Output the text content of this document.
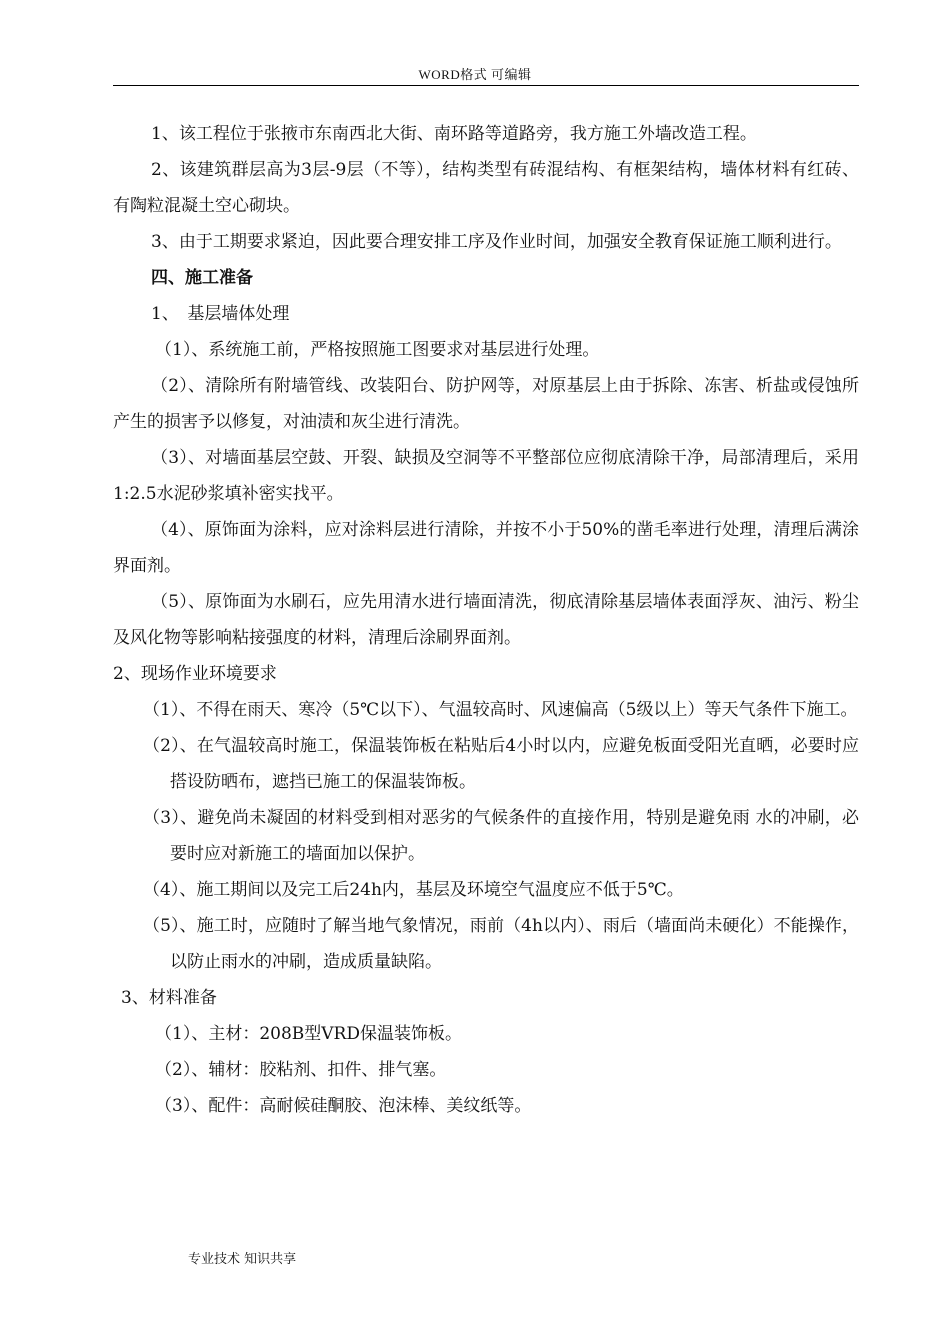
WORD格式 可编辑

1、该工程位于张掖市东南西北大街、南环路等道路旁，我方施工外墙改造工程。

2、该建筑群层高为3层-9层（不等），结构类型有砖混结构、有框架结构，墙体材料有红砖、有陶粒混凝土空心砌块。

3、由于工期要求紧迫，因此要合理安排工序及作业时间，加强安全教育保证施工顺利进行。

四、施工准备

1、　基层墙体处理

（1）、系统施工前，严格按照施工图要求对基层进行处理。

（2）、清除所有附墙管线、改装阳台、防护网等，对原基层上由于拆除、冻害、析盐或侵蚀所产生的损害予以修复，对油渍和灰尘进行清洗。

（3）、对墙面基层空鼓、开裂、缺损及空洞等不平整部位应彻底清除干净，局部清理后，采用1:2.5水泥砂浆填补密实找平。

（4）、原饰面为涂料，应对涂料层进行清除，并按不小于50%的凿毛率进行处理，清理后满涂界面剂。

（5）、原饰面为水刷石，应先用清水进行墙面清洗，彻底清除基层墙体表面浮灰、油污、粉尘及风化物等影响粘接强度的材料，清理后涂刷界面剂。

2、现场作业环境要求

（1）、不得在雨天、寒冷（5℃以下）、气温较高时、风速偏高（5级以上）等天气条件下施工。

（2）、在气温较高时施工，保温装饰板在粘贴后4小时以内，应避免板面受阳光直晒，必要时应搭设防晒布，遮挡已施工的保温装饰板。

（3）、避免尚未凝固的材料受到相对恶劣的气候条件的直接作用，特别是避免雨 水的冲刷，必要时应对新施工的墙面加以保护。

（4）、施工期间以及完工后24h内，基层及环境空气温度应不低于5℃。

（5）、施工时，应随时了解当地气象情况，雨前（4h以内）、雨后（墙面尚未硬化）不能操作，以防止雨水的冲刷，造成质量缺陷。

3、材料准备

（1）、主材：208B型VRD保温装饰板。

（2）、辅材：胶粘剂、扣件、排气塞。

（3）、配件：高耐候硅酮胶、泡沫棒、美纹纸等。

专业技术 知识共享
